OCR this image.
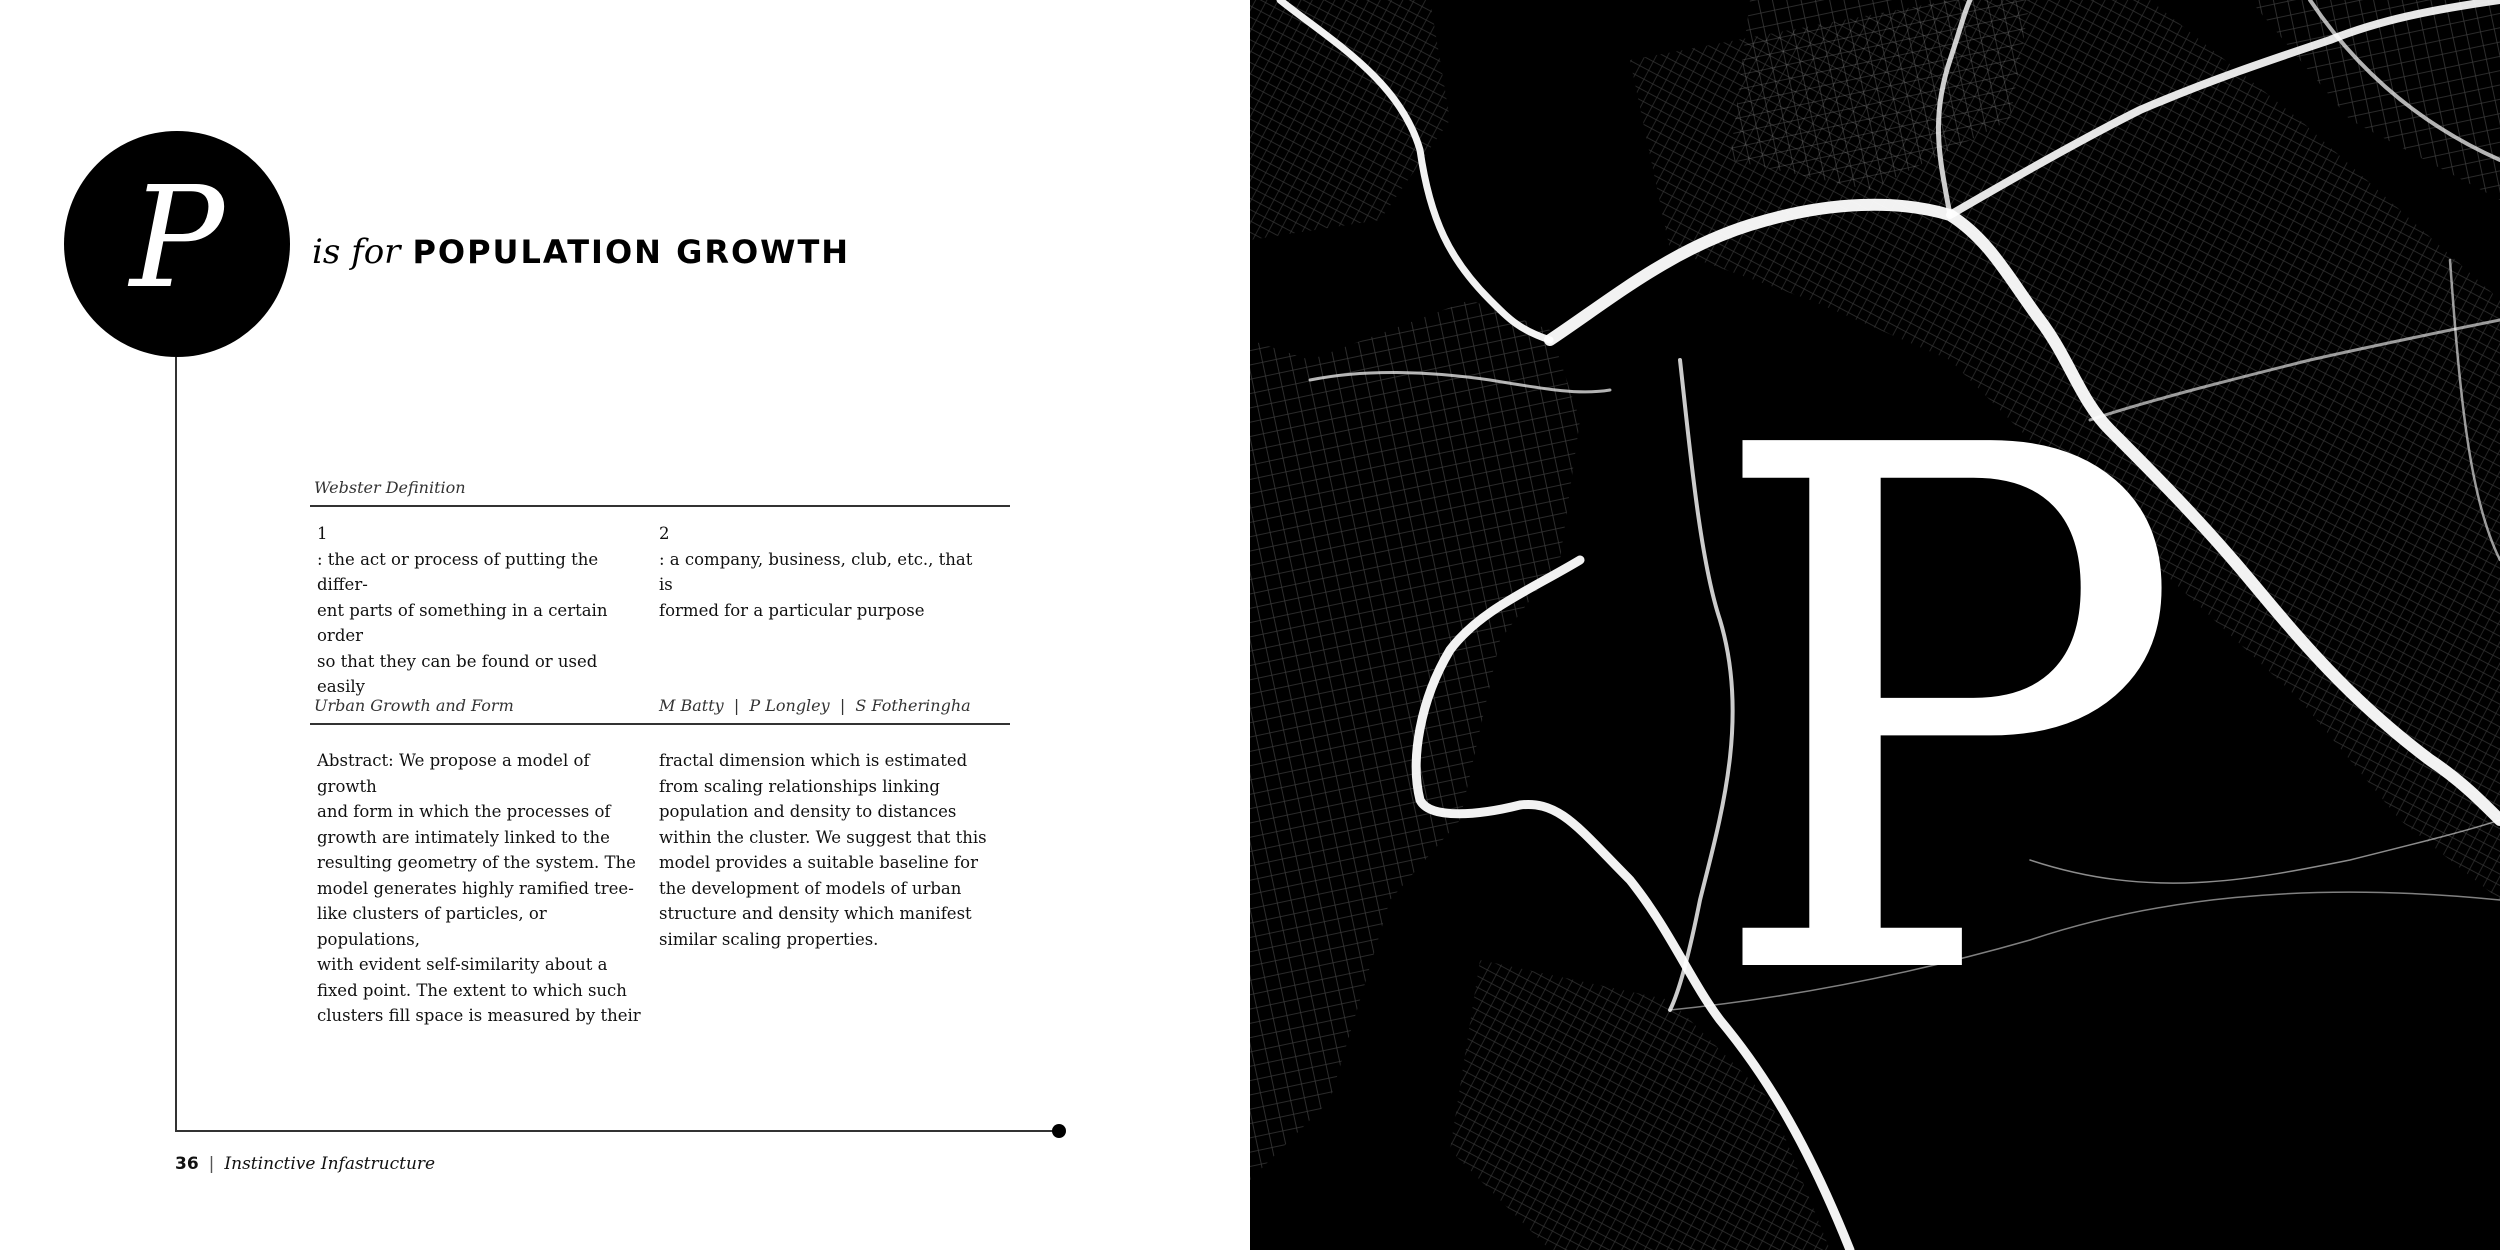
P	is for POPULATION GROWTH
Webster Definition
1
: the act or process of putting the differ-
ent parts of something in a certain order
so that they can be found or used easily
2
: a company, business, club, etc., that is
formed for a particular purpose
Urban Growth and Form	M Batty  |  P Longley  |  S Fotheringha
Abstract: We propose a model of growth
and form in which the processes of
growth are intimately linked to the
resulting geometry of the system. The
model generates highly ramified tree-
like clusters of particles, or populations,
with evident self-similarity about a
fixed point. The extent to which such
clusters fill space is measured by their
fractal dimension which is estimated
from scaling relationships linking
population and density to distances
within the cluster. We suggest that this
model provides a suitable baseline for
the development of models of urban
structure and density which manifest
similar scaling properties.
36 | Instinctive Infastructure
P
